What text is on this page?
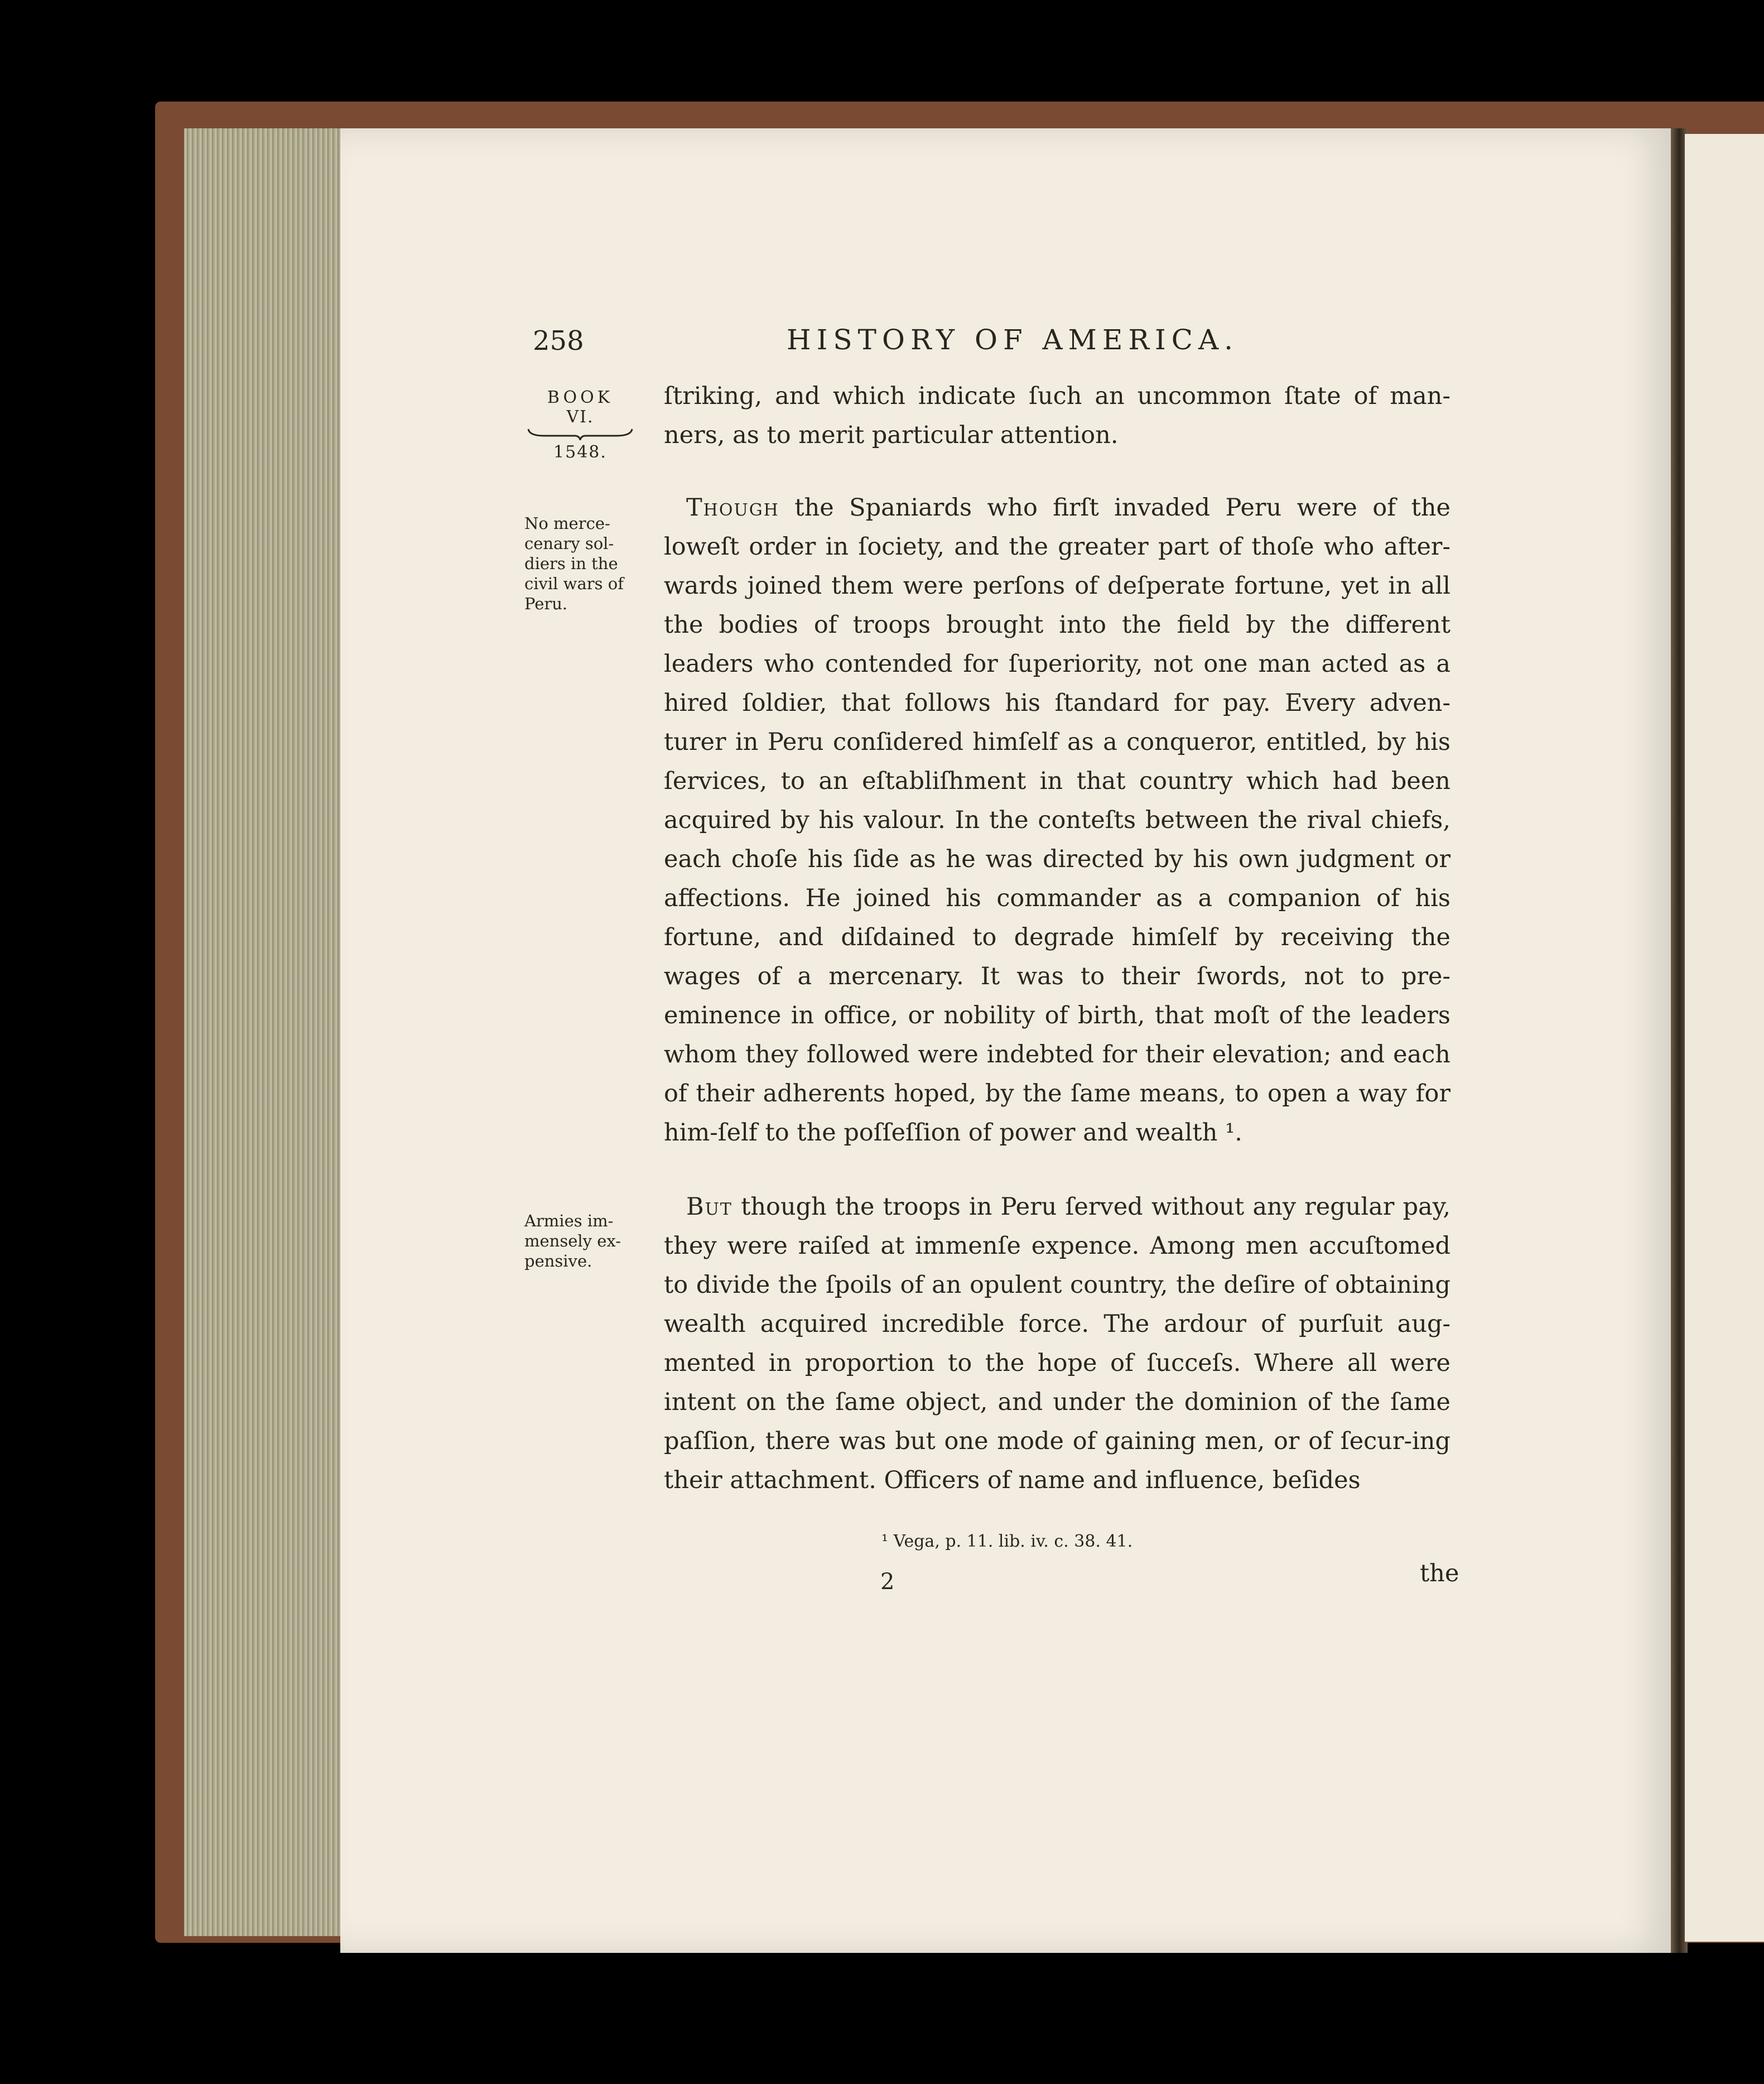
258	HISTORY OF AMERICA.
BOOK
VI.
1548.
No merce-cenary sol-diers in the civil wars of Peru.
Armies im-mensely ex-pensive.

ſtriking, and which indicate ſuch an uncommon ſtate of man-ners, as to merit particular attention.

Though the Spaniards who firſt invaded Peru were of the loweſt order in ſociety, and the greater part of thoſe who after-wards joined them were perſons of deſperate fortune, yet in all the bodies of troops brought into the field by the different leaders who contended for ſuperiority, not one man acted as a hired ſoldier, that follows his ſtandard for pay. Every adven-turer in Peru conſidered himſelf as a conqueror, entitled, by his ſervices, to an eſtabliſhment in that country which had been acquired by his valour. In the conteſts between the rival chiefs, each choſe his ſide as he was directed by his own judgment or affections. He joined his commander as a companion of his fortune, and diſdained to degrade himſelf by receiving the wages of a mercenary. It was to their ſwords, not to pre-eminence in office, or nobility of birth, that moſt of the leaders whom they followed were indebted for their elevation; and each of their adherents hoped, by the ſame means, to open a way for him-ſelf to the poſſeſſion of power and wealth ¹.

But though the troops in Peru ſerved without any regular pay, they were raiſed at immenſe expence. Among men accuſtomed to divide the ſpoils of an opulent country, the deſire of obtaining wealth acquired incredible force. The ardour of purſuit aug-mented in proportion to the hope of ſucceſs. Where all were intent on the ſame object, and under the dominion of the ſame paſſion, there was but one mode of gaining men, or of ſecur-ing their attachment. Officers of name and influence, beſides

¹ Vega, p. 11. lib. iv. c. 38. 41.
2	the
